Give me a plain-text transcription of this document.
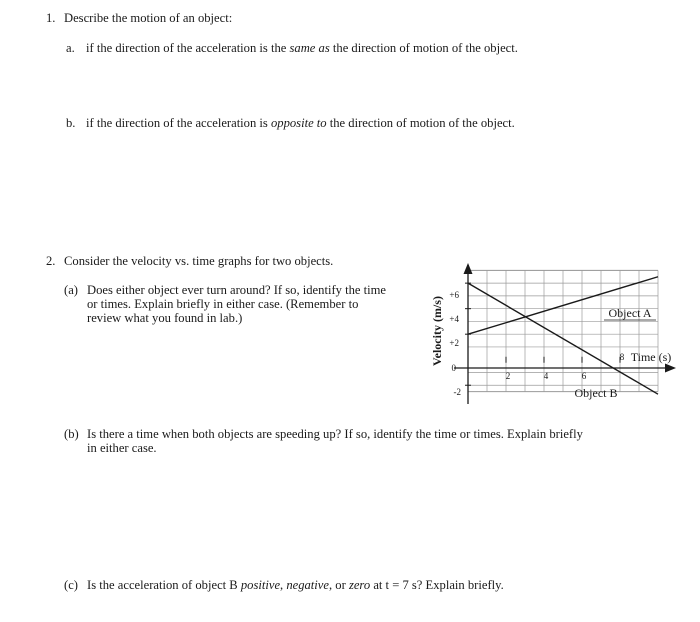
1. Describe the motion of an object:
a. if the direction of the acceleration is the same as the direction of motion of the object.
b. if the direction of the acceleration is opposite to the direction of motion of the object.
2. Consider the velocity vs. time graphs for two objects.
(a) Does either object ever turn around? If so, identify the time
or times. Explain briefly in either case. (Remember to
review what you found in lab.)	Velocity (m/s)	Time (s)
+6
+4
+2
0
-2
2	4	6
8
Object A
Object B
(b) Is there a time when both objects are speeding up? If so, identify the time or times. Explain briefly
in either case.
(c) Is the acceleration of object B positive, negative, or zero at t = 7 s? Explain briefly.
